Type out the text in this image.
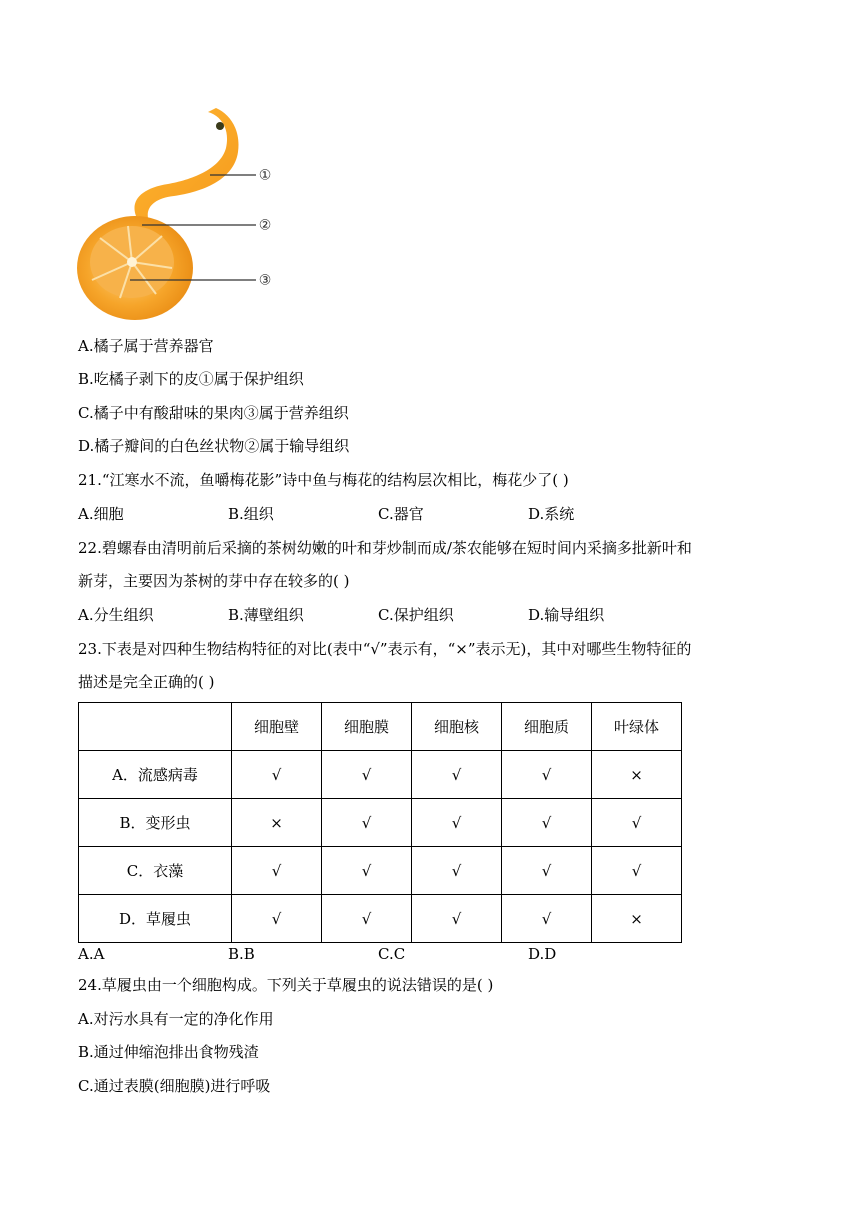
①
②
③
A.橘子属于营养器官
B.吃橘子剥下的皮①属于保护组织
C.橘子中有酸甜味的果肉③属于营养组织
D.橘子瓣间的白色丝状物②属于输导组织
21.“江寒水不流，鱼嚼梅花影”诗中鱼与梅花的结构层次相比，梅花少了( )
A.细胞	B.组织	C.器官	D.系统
22.碧螺春由清明前后采摘的茶树幼嫩的叶和芽炒制而成/茶农能够在短时间内采摘多批新叶和
新芽，主要因为茶树的芽中存在较多的( )
A.分生组织	B.薄壁组织	C.保护组织	D.输导组织
23.下表是对四种生物结构特征的对比(表中“√”表示有，“×”表示无)，其中对哪些生物特征的
描述是完全正确的( )
	细胞壁	细胞膜	细胞核	细胞质	叶绿体
A．流感病毒	√	√	√	√	×
B．变形虫	×	√	√	√	√
C．衣藻	√	√	√	√	√
D．草履虫	√	√	√	√	×
A.A	B.B	C.C	D.D
24.草履虫由一个细胞构成。下列关于草履虫的说法错误的是( )
A.对污水具有一定的净化作用
B.通过伸缩泡排出食物残渣
C.通过表膜(细胞膜)进行呼吸
